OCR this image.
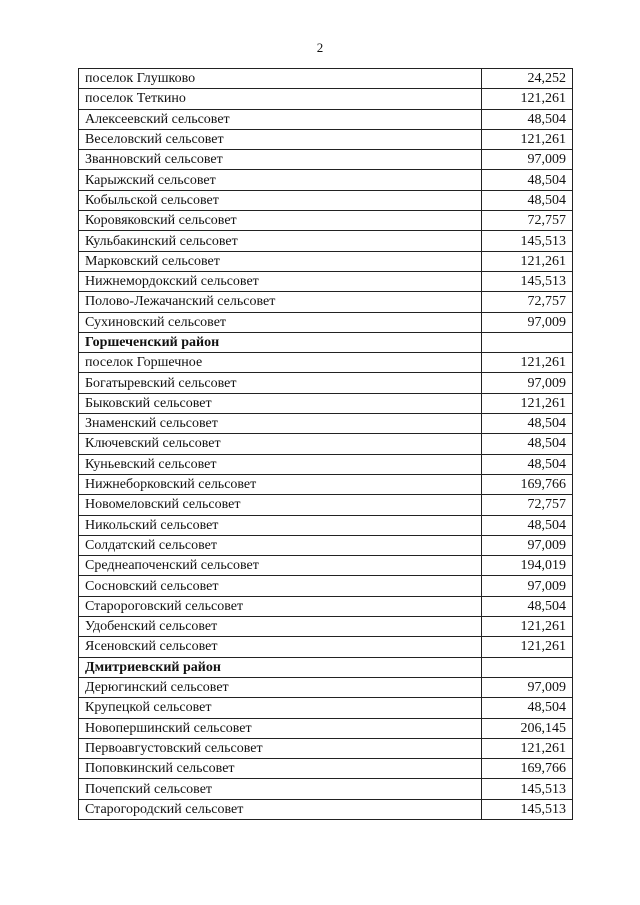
2
поселок Глушково	24,252
поселок Теткино	121,261
Алексеевский сельсовет	48,504
Веселовский сельсовет	121,261
Званновский сельсовет	97,009
Карыжский сельсовет	48,504
Кобыльской сельсовет	48,504
Коровяковский сельсовет	72,757
Кульбакинский сельсовет	145,513
Марковский сельсовет	121,261
Нижнемордокский сельсовет	145,513
Полово-Лежачанский сельсовет	72,757
Сухиновский сельсовет	97,009
Горшеченский район	
поселок Горшечное	121,261
Богатыревский сельсовет	97,009
Быковский сельсовет	121,261
Знаменский сельсовет	48,504
Ключевский сельсовет	48,504
Куньевский сельсовет	48,504
Нижнеборковский сельсовет	169,766
Новомеловский сельсовет	72,757
Никольский сельсовет	48,504
Солдатский сельсовет	97,009
Среднеапоченский сельсовет	194,019
Сосновский сельсовет	97,009
Старороговский сельсовет	48,504
Удобенский сельсовет	121,261
Ясеновский сельсовет	121,261
Дмитриевский район	
Дерюгинский сельсовет	97,009
Крупецкой сельсовет	48,504
Новопершинский сельсовет	206,145
Первоавгустовский сельсовет	121,261
Поповкинский сельсовет	169,766
Почепский сельсовет	145,513
Старогородский сельсовет	145,513
